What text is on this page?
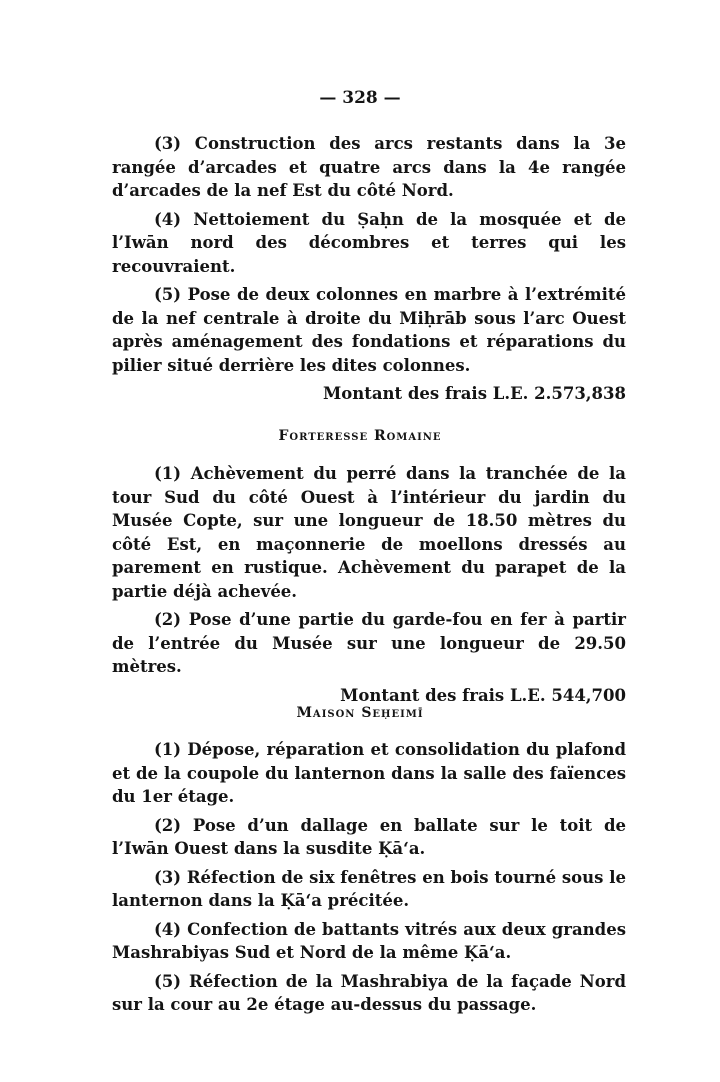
— 328 —

(3) Construction des arcs restants dans la 3e rangée d’arcades et quatre arcs dans la 4e rangée d’arcades de la nef Est du côté Nord.

(4) Nettoiement du Ṣaḥn de la mosquée et de l’Iwān nord des décombres et terres qui les recouvraient.

(5) Pose de deux colonnes en marbre à l’extrémité de la nef centrale à droite du Miḥrāb sous l’arc Ouest après aménagement des fondations et réparations du pilier situé derrière les dites colonnes.

Montant des frais L.E. 2.573,838

Forteresse Romaine

(1) Achèvement du perré dans la tranchée de la tour Sud du côté Ouest à l’intérieur du jardin du Musée Copte, sur une longueur de 18.50 mètres du côté Est, en maçonnerie de moellons dressés au parement en rustique. Achèvement du parapet de la partie déjà achevée.

(2) Pose d’une partie du garde-fou en fer à partir de l’entrée du Musée sur une longueur de 29.50 mètres.

Montant des frais L.E. 544,700

Maison Seḥeimī

(1) Dépose, réparation et consolidation du plafond et de la coupole du lanternon dans la salle des faïences du 1er étage.

(2) Pose d’un dallage en ballate sur le toit de l’Iwān Ouest dans la susdite Ḳā‘a.

(3) Réfection de six fenêtres en bois tourné sous le lanternon dans la Ḳā‘a précitée.

(4) Confection de battants vitrés aux deux grandes Mashrabiyas Sud et Nord de la même Ḳā‘a.

(5) Réfection de la Mashrabiya de la façade Nord sur la cour au 2e étage au-dessus du passage.
